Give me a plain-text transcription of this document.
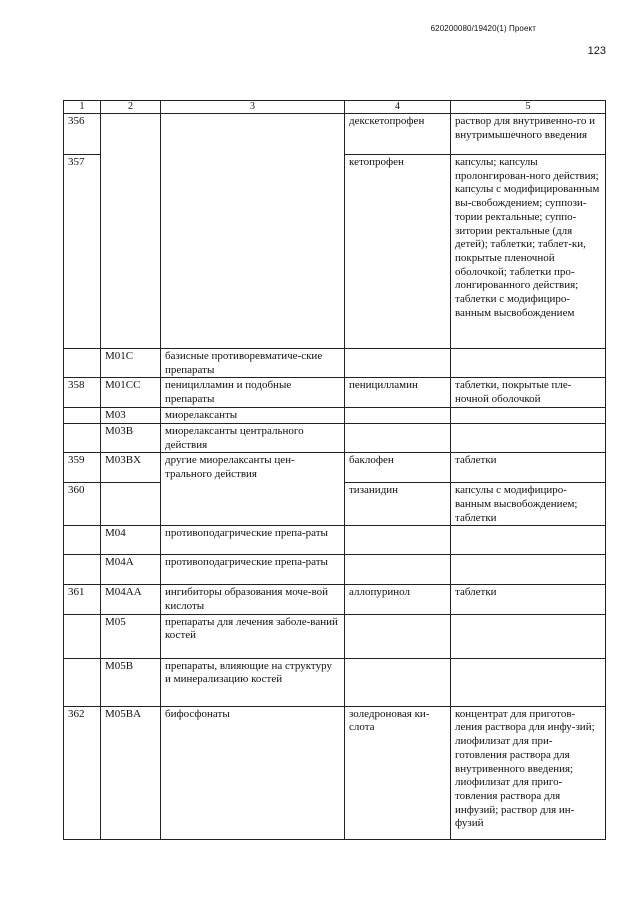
620200080/19420(1) Проект
123
1	2	3	4	5
356			декскетопрофен	раствор для внутривенно-го и внутримышечного введения
357			кетопрофен	капсулы; капсулы пролонгирован-ного действия; капсулы с модифицированным вы-свобождением; суппози-тории ректальные; суппо-зитории ректальные (для детей); таблетки; таблет-ки, покрытые пленочной оболочкой; таблетки про-лонгированного действия; таблетки с модифициро-ванным высвобождением
	M01C	базисные противоревматиче-ские препараты		
358	M01CC	пеницилламин и подобные препараты	пеницилламин	таблетки, покрытые пле-ночной оболочкой
	M03	миорелаксанты		
	M03B	миорелаксанты центрального действия		
359	M03BX	другие миорелаксанты цен-трального действия	баклофен	таблетки
360			тизанидин	капсулы с модифициро-ванным высвобождением; таблетки
	M04	противоподагрические препа-раты		
	M04A	противоподагрические препа-раты		
361	M04AA	ингибиторы образования моче-вой кислоты	аллопуринол	таблетки
	M05	препараты для лечения заболе-ваний костей		
	M05B	препараты, влияющие на структуру и минерализацию костей		
362	M05BA	бифосфонаты	золедроновая ки-слота	концентрат для приготов-ления раствора для инфу-зий; лиофилизат для при-готовления раствора для внутривенного введения; лиофилизат для приго-товления раствора для инфузий; раствор для ин-фузий
